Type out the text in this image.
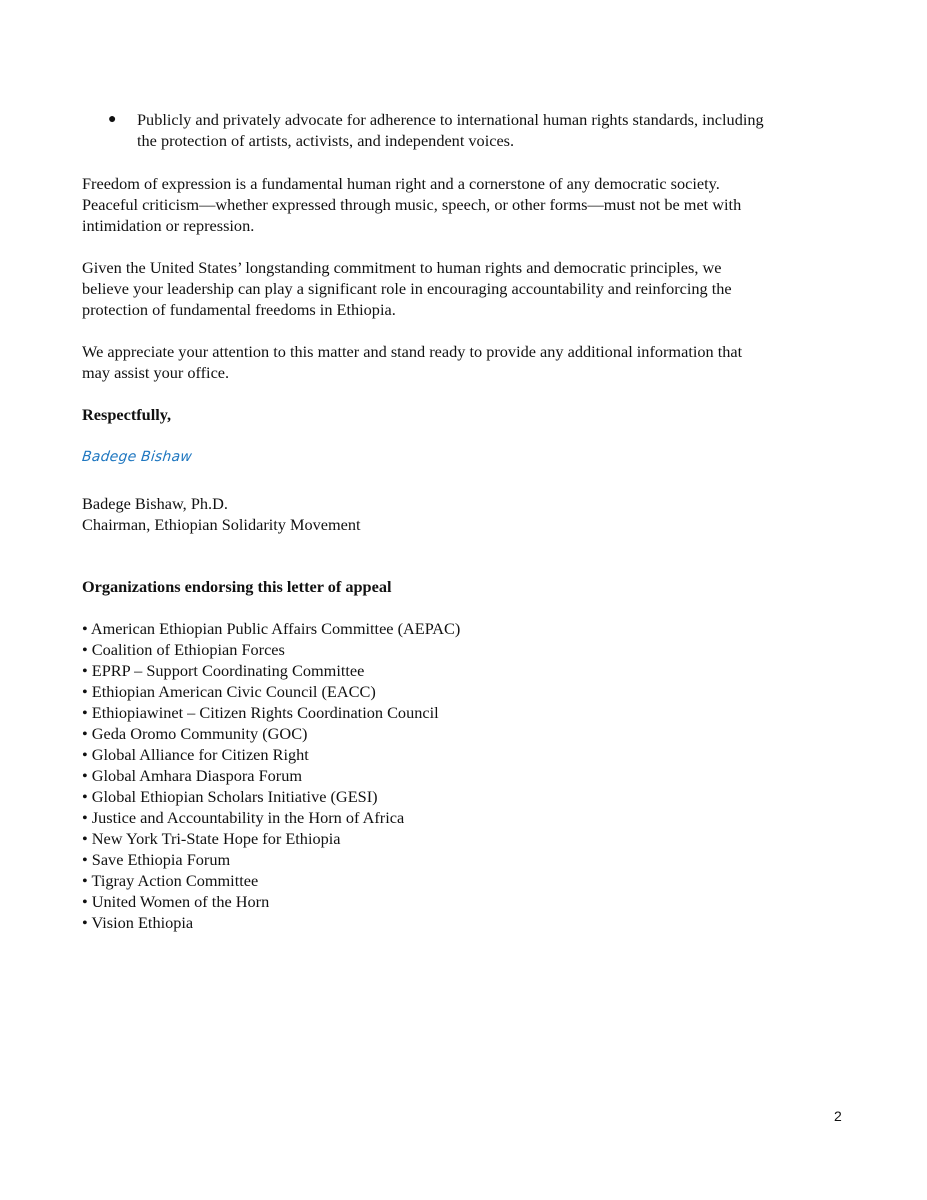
●	Publicly and privately advocate for adherence to international human rights standards, including
the protection of artists, activists, and independent voices.
Freedom of expression is a fundamental human right and a cornerstone of any democratic society.
Peaceful criticism—whether expressed through music, speech, or other forms—must not be met with
intimidation or repression.
Given the United States’ longstanding commitment to human rights and democratic principles, we
believe your leadership can play a significant role in encouraging accountability and reinforcing the
protection of fundamental freedoms in Ethiopia.
We appreciate your attention to this matter and stand ready to provide any additional information that
may assist your office.
Respectfully,
Badege Bishaw
Badege Bishaw, Ph.D.
Chairman, Ethiopian Solidarity Movement
Organizations endorsing this letter of appeal
• American Ethiopian Public Affairs Committee (AEPAC)
• Coalition of Ethiopian Forces
• EPRP – Support Coordinating Committee
• Ethiopian American Civic Council (EACC)
• Ethiopiawinet – Citizen Rights Coordination Council
• Geda Oromo Community (GOC)
• Global Alliance for Citizen Right
• Global Amhara Diaspora Forum
• Global Ethiopian Scholars Initiative (GESI)
• Justice and Accountability in the Horn of Africa
• New York Tri-State Hope for Ethiopia
• Save Ethiopia Forum
• Tigray Action Committee
• United Women of the Horn
• Vision Ethiopia
2
